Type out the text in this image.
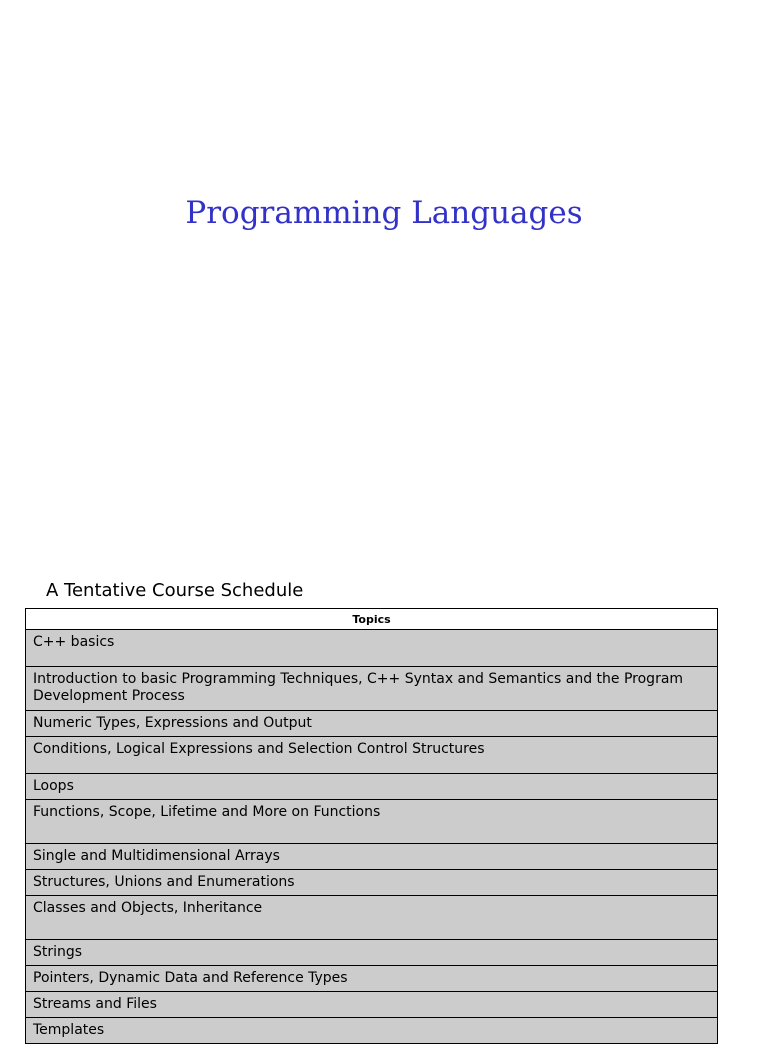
Programming Languages
A Tentative Course Schedule
Topics
C++ basics
Introduction to basic Programming Techniques, C++ Syntax and Semantics and the Program Development Process
Numeric Types, Expressions and Output
Conditions, Logical Expressions and Selection Control Structures
Loops
Functions, Scope, Lifetime and More on Functions
Single and Multidimensional Arrays
Structures, Unions and Enumerations
Classes and Objects, Inheritance
Strings
Pointers, Dynamic Data and Reference Types
Streams and Files
Templates
